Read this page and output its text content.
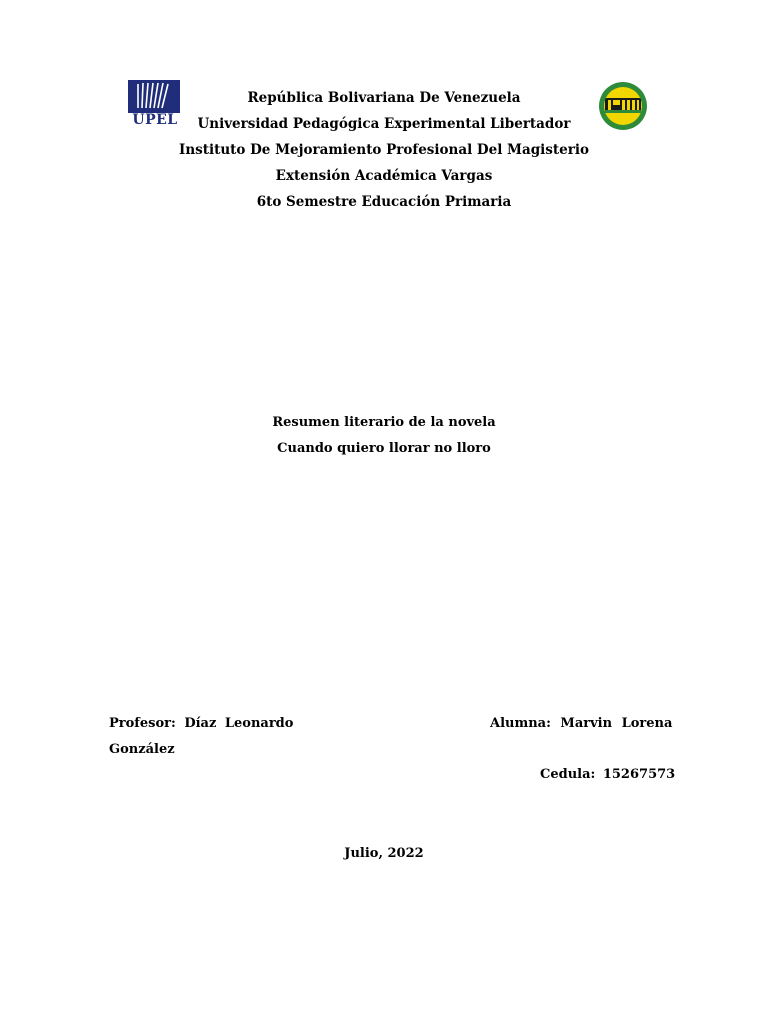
UPEL
República Bolivariana De Venezuela
Universidad Pedagógica Experimental Libertador
Instituto De Mejoramiento Profesional Del Magisterio
Extensión Académica Vargas
6to Semestre Educación Primaria
Resumen literario de la novela
Cuando quiero llorar no lloro
Profesor: Díaz Leonardo
González
Alumna: Marvin Lorena
Cedula: 15267573
Julio, 2022
